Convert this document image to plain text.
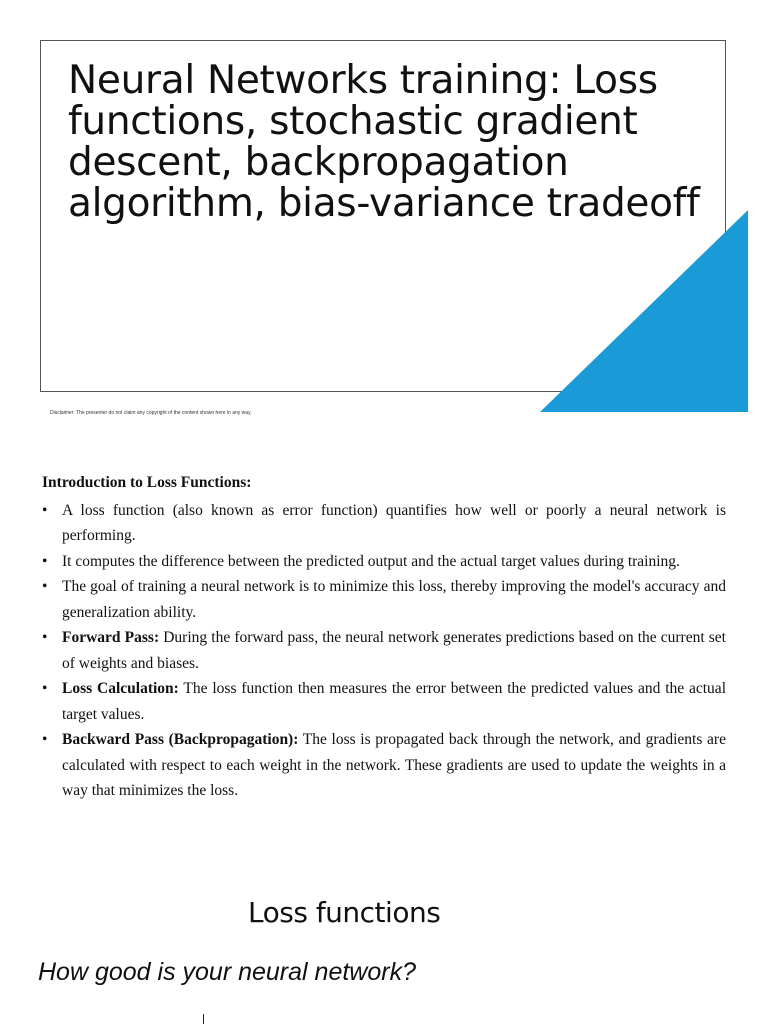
Neural Networks training: Loss functions, stochastic gradient descent, backpropagation algorithm, bias-variance tradeoff
Disclaimer: The presenter do not claim any copyright of the content shown here in any way.

Introduction to Loss Functions:

• A loss function (also known as error function) quantifies how well or poorly a neural network is performing.
• It computes the difference between the predicted output and the actual target values during training.
• The goal of training a neural network is to minimize this loss, thereby improving the model's accuracy and generalization ability.
• Forward Pass: During the forward pass, the neural network generates predictions based on the current set of weights and biases.
• Loss Calculation: The loss function then measures the error between the predicted values and the actual target values.
• Backward Pass (Backpropagation): The loss is propagated back through the network, and gradients are calculated with respect to each weight in the network. These gradients are used to update the weights in a way that minimizes the loss.
Loss functions
How good is your neural network?
